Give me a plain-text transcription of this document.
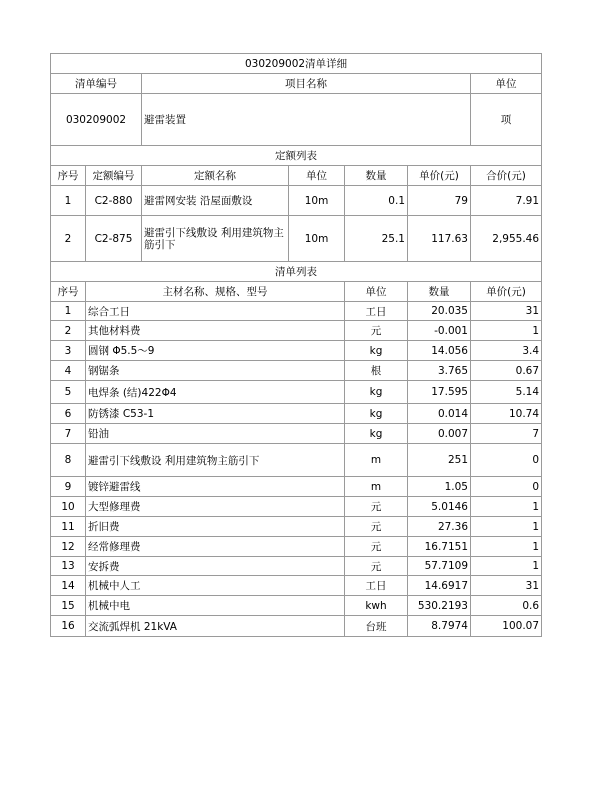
030209002清单详细							
清单编号		项目名称				单位	
030209002		避雷装置				项	
定额列表							
序号	定额编号	定额名称	单位	数量	单价(元)	合价(元)	
1	C2-880	避雷网安装 沿屋面敷设	10m	0.1	79	7.91	
2	C2-875	避雷引下线敷设 利用建筑物主筋引下	10m	25.1	117.63	2,955.46	
清单列表							
序号	主材名称、规格、型号			单位	数量	单价(元)	
1	综合工日			工日	20.035	31	
2	其他材料费			元	-0.001	1	
3	圆钢 Φ5.5～9			kg	14.056	3.4	
4	钢锯条			根	3.765	0.67	
5	电焊条 (结)422Φ4			kg	17.595	5.14	
6	防锈漆 C53-1			kg	0.014	10.74	
7	铅油			kg	0.007	7	
8	避雷引下线敷设 利用建筑物主筋引下			m	251	0	
9	镀锌避雷线			m	1.05	0	
10	大型修理费			元	5.0146	1	
11	折旧费			元	27.36	1	
12	经常修理费			元	16.7151	1	
13	安拆费			元	57.7109	1	
14	机械中人工			工日	14.6917	31	
15	机械中电			kwh	530.2193	0.6	
16	交流弧焊机 21kVA			台班	8.7974	100.07	
